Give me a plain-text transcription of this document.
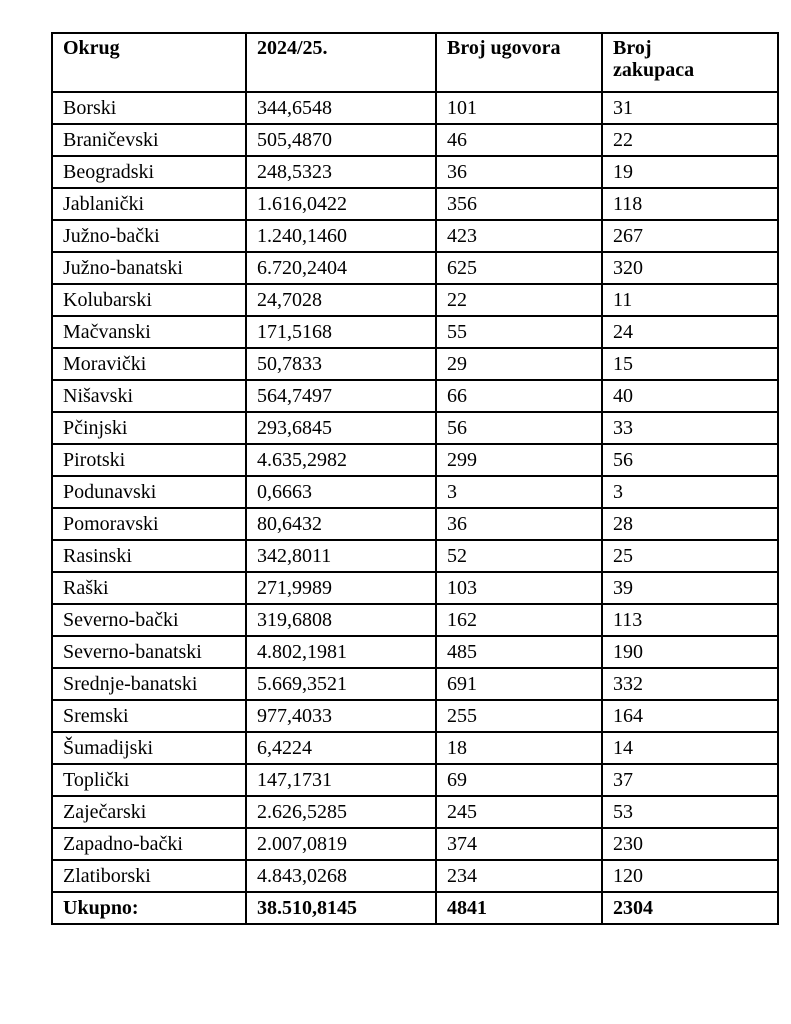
Okrug	2024/25.	Broj ugovora	Broj zakupaca
Borski	344,6548	101	31
Braničevski	505,4870	46	22
Beogradski	248,5323	36	19
Jablanički	1.616,0422	356	118
Južno-bački	1.240,1460	423	267
Južno-banatski	6.720,2404	625	320
Kolubarski	24,7028	22	11
Mačvanski	171,5168	55	24
Moravički	50,7833	29	15
Nišavski	564,7497	66	40
Pčinjski	293,6845	56	33
Pirotski	4.635,2982	299	56
Podunavski	0,6663	3	3
Pomoravski	80,6432	36	28
Rasinski	342,8011	52	25
Raški	271,9989	103	39
Severno-bački	319,6808	162	113
Severno-banatski	4.802,1981	485	190
Srednje-banatski	5.669,3521	691	332
Sremski	977,4033	255	164
Šumadijski	6,4224	18	14
Toplički	147,1731	69	37
Zaječarski	2.626,5285	245	53
Zapadno-bački	2.007,0819	374	230
Zlatiborski	4.843,0268	234	120
Ukupno:	38.510,8145	4841	2304
